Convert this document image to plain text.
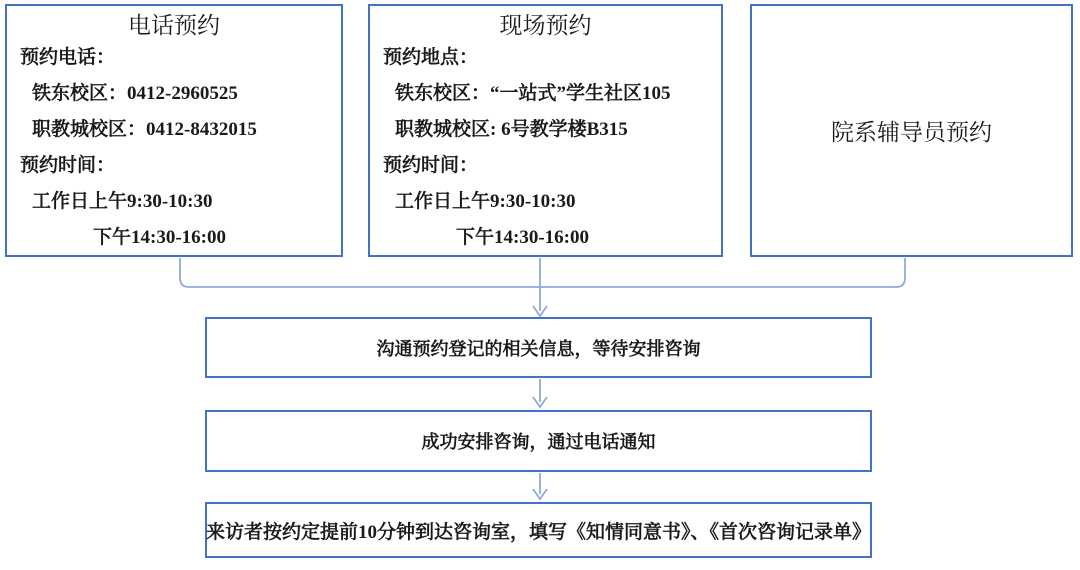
电话预约
预约电话：
铁东校区：0412-2960525
职教城校区：0412-8432015
预约时间：
工作日上午9:30-10:30
下午14:30-16:00
现场预约
预约地点：
铁东校区：“一站式”学生社区105
职教城校区: 6号教学楼B315
预约时间：
工作日上午9:30-10:30
下午14:30-16:00
院系辅导员预约
沟通预约登记的相关信息，等待安排咨询
成功安排咨询，通过电话通知
来访者按约定提前10分钟到达咨询室，填写《知情同意书》、《首次咨询记录单》
